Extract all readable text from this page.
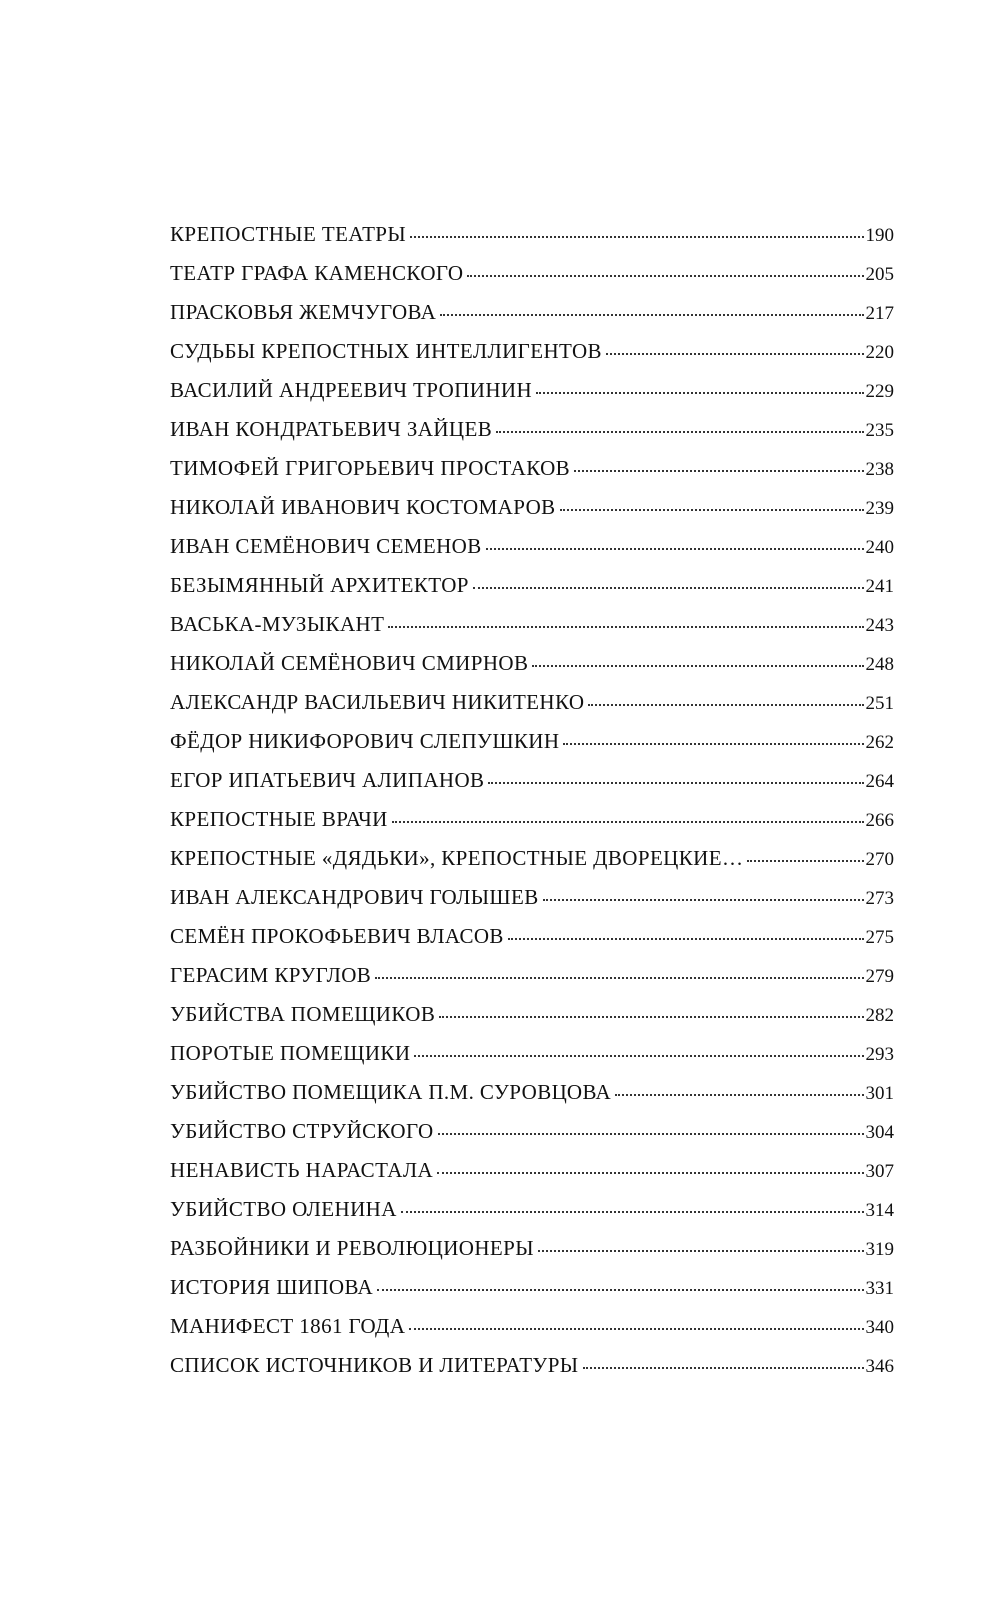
КРЕПОСТНЫЕ ТЕАТРЫ	190
ТЕАТР ГРАФА КАМЕНСКОГО	205
ПРАСКОВЬЯ ЖЕМЧУГОВА	217
СУДЬБЫ КРЕПОСТНЫХ ИНТЕЛЛИГЕНТОВ	220
ВАСИЛИЙ АНДРЕЕВИЧ ТРОПИНИН	229
ИВАН КОНДРАТЬЕВИЧ ЗАЙЦЕВ	235
ТИМОФЕЙ ГРИГОРЬЕВИЧ ПРОСТАКОВ	238
НИКОЛАЙ ИВАНОВИЧ КОСТОМАРОВ	239
ИВАН СЕМЁНОВИЧ СЕМЕНОВ	240
БЕЗЫМЯННЫЙ АРХИТЕКТОР	241
ВАСЬКА-МУЗЫКАНТ	243
НИКОЛАЙ СЕМЁНОВИЧ СМИРНОВ	248
АЛЕКСАНДР ВАСИЛЬЕВИЧ НИКИТЕНКО	251
ФЁДОР НИКИФОРОВИЧ СЛЕПУШКИН	262
ЕГОР ИПАТЬЕВИЧ АЛИПАНОВ	264
КРЕПОСТНЫЕ ВРАЧИ	266
КРЕПОСТНЫЕ «ДЯДЬКИ», КРЕПОСТНЫЕ ДВОРЕЦКИЕ…	270
ИВАН АЛЕКСАНДРОВИЧ ГОЛЫШЕВ	273
СЕМЁН ПРОКОФЬЕВИЧ ВЛАСОВ	275
ГЕРАСИМ КРУГЛОВ	279
УБИЙСТВА ПОМЕЩИКОВ	282
ПОРОТЫЕ ПОМЕЩИКИ	293
УБИЙСТВО ПОМЕЩИКА П.М. СУРОВЦОВА	301
УБИЙСТВО СТРУЙСКОГО	304
НЕНАВИСТЬ НАРАСТАЛА	307
УБИЙСТВО ОЛЕНИНА	314
РАЗБОЙНИКИ И РЕВОЛЮЦИОНЕРЫ	319
ИСТОРИЯ ШИПОВА	331
МАНИФЕСТ 1861 ГОДА	340
СПИСОК ИСТОЧНИКОВ И ЛИТЕРАТУРЫ	346
